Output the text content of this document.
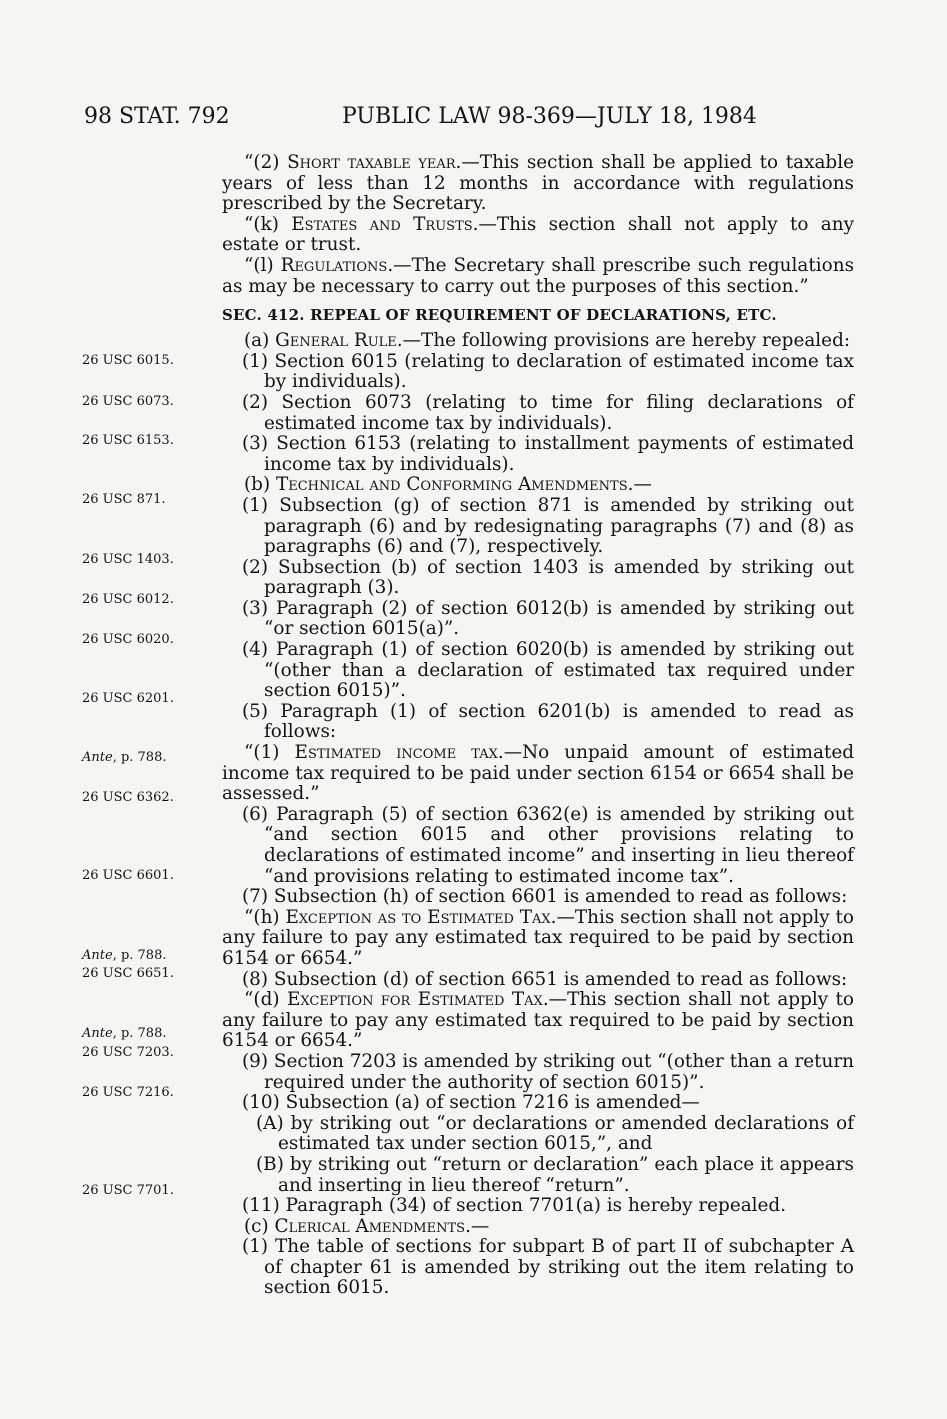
98 STAT. 792	PUBLIC LAW 98-369—JULY 18, 1984
26 USC 6015.
26 USC 6073.
26 USC 6153.
26 USC 871.
26 USC 1403.
26 USC 6012.
26 USC 6020.
26 USC 6201.
Ante, p. 788.
26 USC 6362.
26 USC 6601.
Ante, p. 788.
26 USC 6651.
Ante, p. 788.
26 USC 7203.
26 USC 7216.
26 USC 7701.

“(2) Short taxable year.—This section shall be applied to taxable years of less than 12 months in accordance with regulations prescribed by the Secretary.

“(k) Estates and Trusts.—This section shall not apply to any estate or trust.

“(l) Regulations.—The Secretary shall prescribe such regulations as may be necessary to carry out the purposes of this section.”

SEC. 412. REPEAL OF REQUIREMENT OF DECLARATIONS, ETC.

(a) General Rule.—The following provisions are hereby repealed:

(1) Section 6015 (relating to declaration of estimated income tax by individuals).

(2) Section 6073 (relating to time for filing declarations of estimated income tax by individuals).

(3) Section 6153 (relating to installment payments of estimated income tax by individuals).

(b) Technical and Conforming Amendments.—

(1) Subsection (g) of section 871 is amended by striking out paragraph (6) and by redesignating paragraphs (7) and (8) as paragraphs (6) and (7), respectively.

(2) Subsection (b) of section 1403 is amended by striking out paragraph (3).

(3) Paragraph (2) of section 6012(b) is amended by striking out “or section 6015(a)”.

(4) Paragraph (1) of section 6020(b) is amended by striking out “(other than a declaration of estimated tax required under section 6015)”.

(5) Paragraph (1) of section 6201(b) is amended to read as follows:

“(1) Estimated income tax.—No unpaid amount of estimated income tax required to be paid under section 6154 or 6654 shall be assessed.”

(6) Paragraph (5) of section 6362(e) is amended by striking out “and section 6015 and other provisions relating to declarations of estimated income” and inserting in lieu thereof “and provisions relating to estimated income tax”.

(7) Subsection (h) of section 6601 is amended to read as follows:

“(h) Exception as to Estimated Tax.—This section shall not apply to any failure to pay any estimated tax required to be paid by section 6154 or 6654.”

(8) Subsection (d) of section 6651 is amended to read as follows:

“(d) Exception for Estimated Tax.—This section shall not apply to any failure to pay any estimated tax required to be paid by section 6154 or 6654.”

(9) Section 7203 is amended by striking out “(other than a return required under the authority of section 6015)”.

(10) Subsection (a) of section 7216 is amended—

(A) by striking out “or declarations or amended declarations of estimated tax under section 6015,”, and

(B) by striking out “return or declaration” each place it appears and inserting in lieu thereof “return”.

(11) Paragraph (34) of section 7701(a) is hereby repealed.

(c) Clerical Amendments.—

(1) The table of sections for subpart B of part II of subchapter A of chapter 61 is amended by striking out the item relating to section 6015.
